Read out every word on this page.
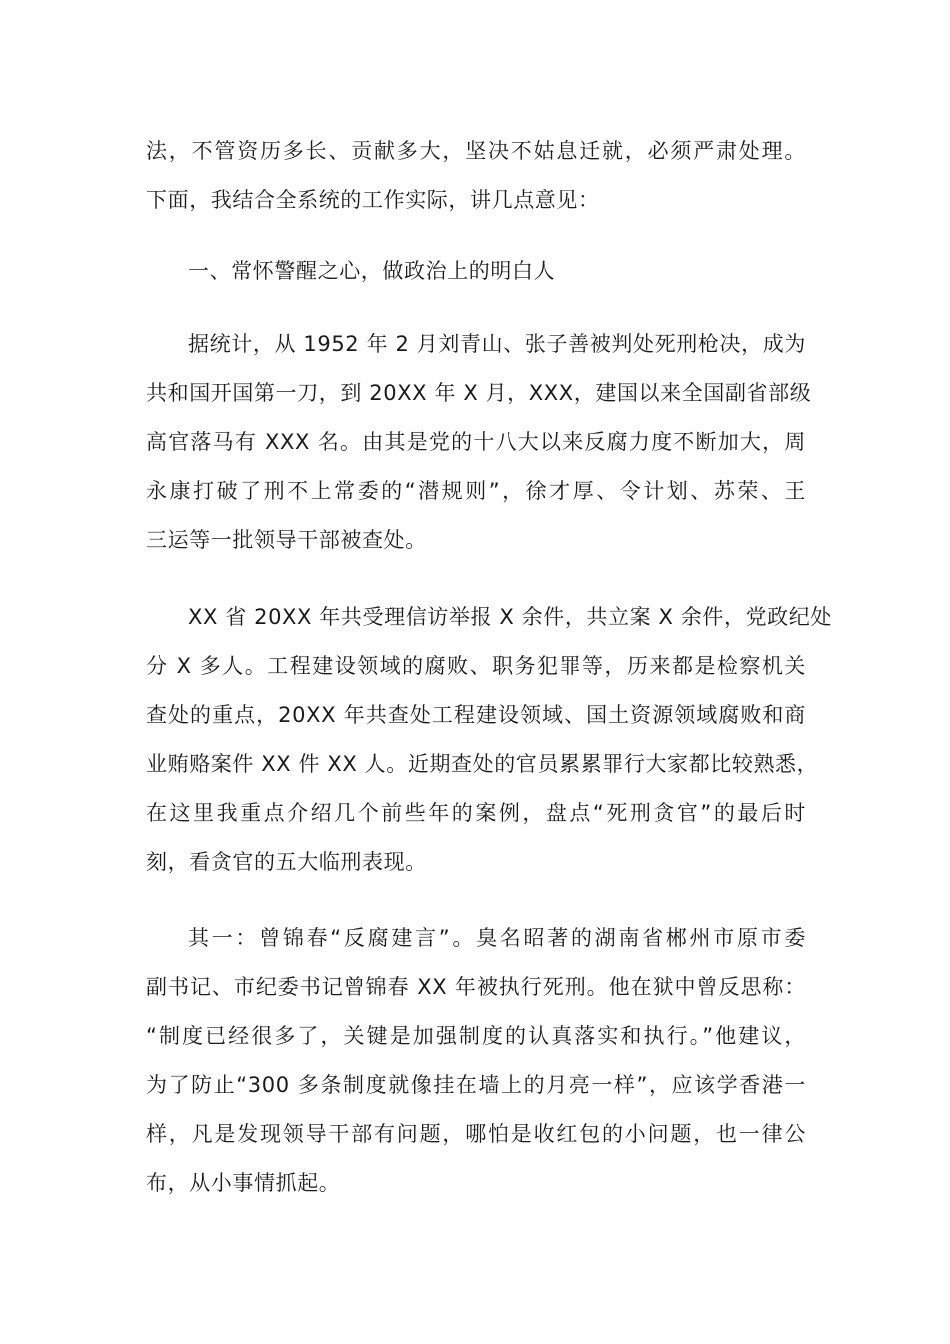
法，不管资历多长、贡献多大，坚决不姑息迁就，必须严肃处理。
下面，我结合全系统的工作实际，讲几点意见：
一、常怀警醒之心，做政治上的明白人
据统计，从 1952 年 2 月刘青山、张子善被判处死刑枪决，成为
共和国开国第一刀，到 20XX 年 X 月，XXX，建国以来全国副省部级
高官落马有 XXX 名。由其是党的十八大以来反腐力度不断加大，周
永康打破了刑不上常委的“潜规则”，徐才厚、令计划、苏荣、王
三运等一批领导干部被查处。
XX 省 20XX 年共受理信访举报 X 余件，共立案 X 余件，党政纪处
分 X 多人。工程建设领域的腐败、职务犯罪等，历来都是检察机关
查处的重点，20XX 年共查处工程建设领域、国土资源领域腐败和商
业贿赂案件 XX 件 XX 人。近期查处的官员累累罪行大家都比较熟悉，
在这里我重点介绍几个前些年的案例，盘点“死刑贪官”的最后时
刻，看贪官的五大临刑表现。
其一：曾锦春“反腐建言”。臭名昭著的湖南省郴州市原市委
副书记、市纪委书记曾锦春 XX 年被执行死刑。他在狱中曾反思称：
“制度已经很多了，关键是加强制度的认真落实和执行。”他建议，
为了防止“300 多条制度就像挂在墙上的月亮一样”，应该学香港一
样，凡是发现领导干部有问题，哪怕是收红包的小问题，也一律公
布，从小事情抓起。
